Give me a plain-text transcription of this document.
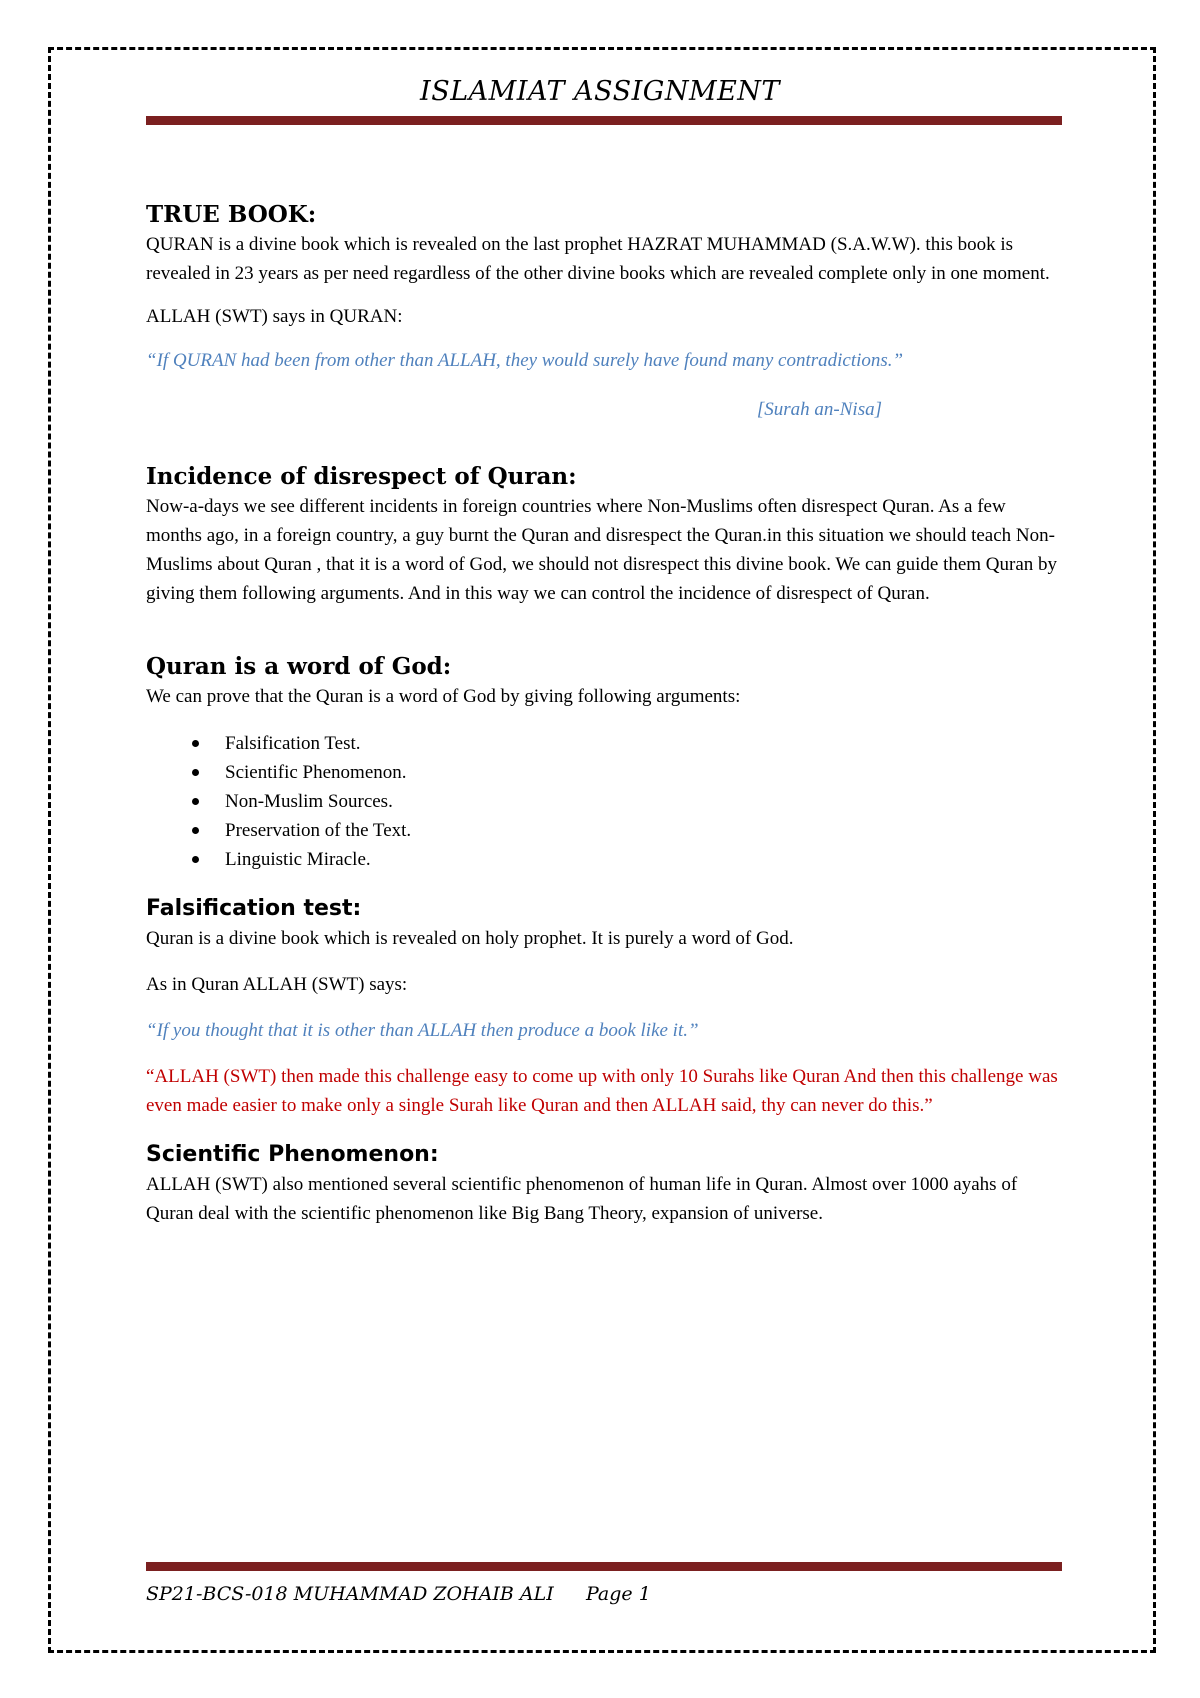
ISLAMIAT ASSIGNMENT
TRUE BOOK:

QURAN is a divine book which is revealed on the last prophet HAZRAT MUHAMMAD (S.A.W.W). this book is revealed in 23 years as per need regardless of the other divine books which are revealed complete only in one moment.

ALLAH (SWT) says in QURAN:

“If QURAN had been from other than ALLAH, they would surely have found many contradictions.”

[Surah an-Nisa]

Incidence of disrespect of Quran:

Now-a-days we see different incidents in foreign countries where Non-Muslims often disrespect Quran. As a few months ago, in a foreign country, a guy burnt the Quran and disrespect the Quran.in this situation we should teach Non-Muslims about Quran , that it is a word of God, we should not disrespect this divine book. We can guide them Quran by giving them following arguments. And in this way we can control the incidence of disrespect of Quran.

Quran is a word of God:

We can prove that the Quran is a word of God by giving following arguments:

Falsification Test.
Scientific Phenomenon.
Non-Muslim Sources.
Preservation of the Text.
Linguistic Miracle.
Falsification test:

Quran is a divine book which is revealed on holy prophet. It is purely a word of God.

As in Quran ALLAH (SWT) says:

“If you thought that it is other than ALLAH then produce a book like it.”

“ALLAH (SWT) then made this challenge easy to come up with only 10 Surahs like Quran And then this challenge was even made easier to make only a single Surah like Quran and then ALLAH said, thy can never do this.”

Scientific Phenomenon:

ALLAH (SWT) also mentioned several scientific phenomenon of human life in Quran. Almost over 1000 ayahs of Quran deal with the scientific phenomenon like Big Bang Theory, expansion of universe.

SP21-BCS-018 MUHAMMAD ZOHAIB ALI Page 1
